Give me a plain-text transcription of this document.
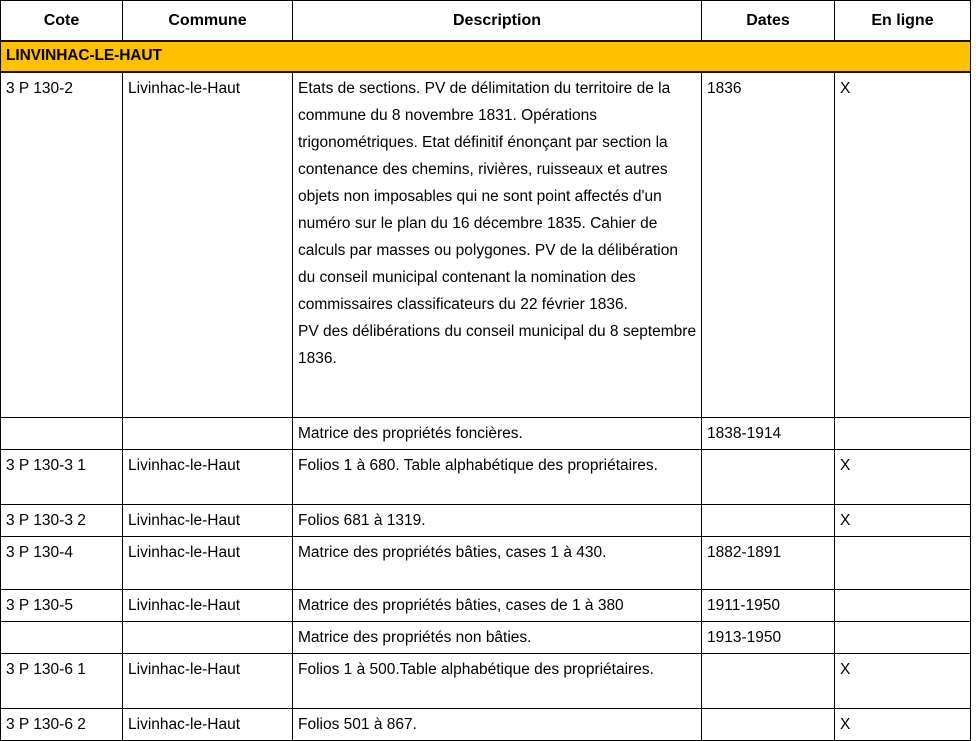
Cote	Commune	Description	Dates	En ligne
LINVINHAC-LE-HAUT				
3 P 130-2	Livinhac-le-Haut	Etats de sections. PV de délimitation du territoire de la commune du 8 novembre 1831. Opérations trigonométriques. Etat définitif énonçant par section la contenance des chemins, rivières, ruisseaux et autres objets non imposables qui ne sont point affectés d'un numéro sur le plan du 16 décembre 1835. Cahier de calculs par masses ou polygones. PV de la délibération du conseil municipal contenant la nomination des commissaires classificateurs du 22 février 1836.
PV des délibérations du conseil municipal du 8 septembre 1836.	1836	X
		Matrice des propriétés foncières.	1838-1914	
3 P 130-3 1	Livinhac-le-Haut	Folios 1 à 680. Table alphabétique des propriétaires.		X
3 P 130-3 2	Livinhac-le-Haut	Folios 681 à 1319.		X
3 P 130-4	Livinhac-le-Haut	Matrice des propriétés bâties, cases 1 à 430.	1882-1891	
3 P 130-5	Livinhac-le-Haut	Matrice des propriétés bâties, cases de 1 à 380	1911-1950	
		Matrice des propriétés non bâties.	1913-1950	
3 P 130-6 1	Livinhac-le-Haut	Folios 1 à 500.Table alphabétique des propriétaires.		X
3 P 130-6 2	Livinhac-le-Haut	Folios 501 à 867.		X
